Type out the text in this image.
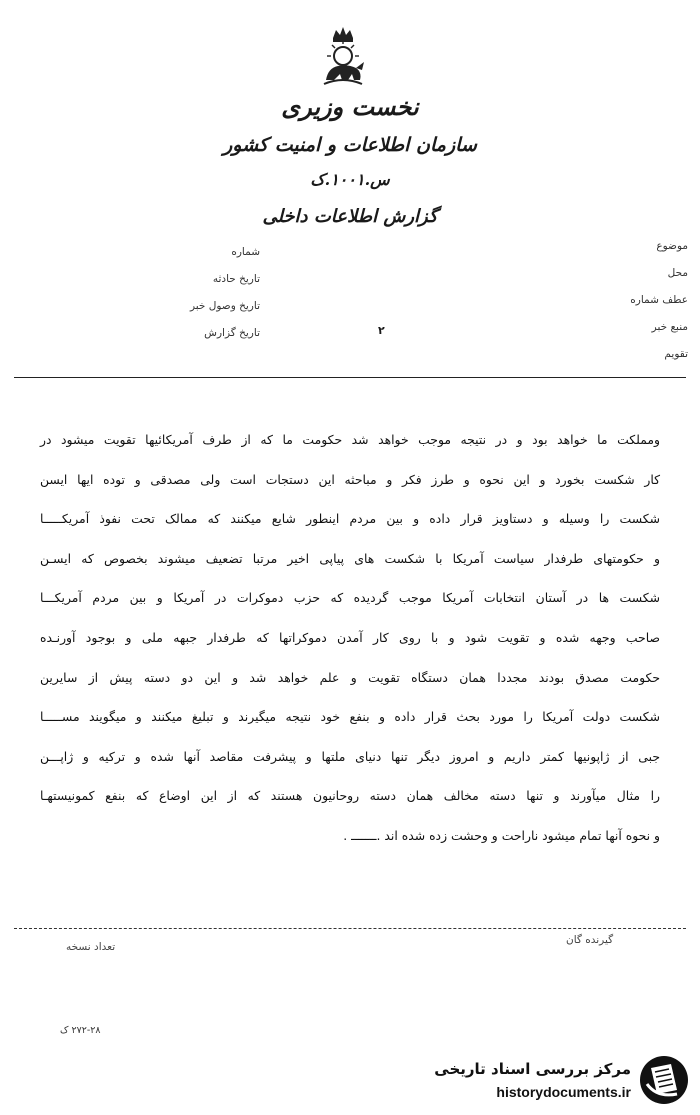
نخست وزیری
سازمان اطلاعات و امنیت کشور
س.۱۰۰۱.ک
گزارش اطلاعات داخلی
موضوع
محل
عطف شماره
منبع خبر
تقویم
شماره
تاریخ حادثه
تاریخ وصول خبر
تاریخ گزارش	۲
ومملکت ما خواهد بود و در نتیجه موجب خواهد شد حکومت ما که از طرف آمریکائیها تقویت میشود در
کار شکست بخورد و این نحوه و طرز فکر و مباحثه این دستجات است ولی مصدقی و توده ایها ایسن
شکست را وسیله و دستاویز قرار داده و بین مردم اینطور شایع میکنند که ممالک تحت نفوذ آمریکـــــا
و حکومتهای طرفدار سیاست آمریکا با شکست های پیاپی اخیر مرتبا تضعیف میشوند بخصوص که ایسـن
شکست ها در آستان انتخابات آمریکا موجب گردیده که حزب دموکرات در آمریکا و بین مردم آمریکـــا
صاحب وجهه شده و تقویت شود و با روی کار آمدن دموکراتها که طرفدار جبهه ملی و بوجود آورنـده
حکومت مصدق بودند مجددا همان دستگاه تقویت و علم خواهد شد و این دو دسته پیش از سایرین
شکست دولت آمریکا را مورد بحث قرار داده و بنفع خود نتیجه میگیرند و تبلیغ میکنند و میگویند مســـــا
جبی از ژاپونیها کمتر داریم و امروز دیگر تنها دنیای ملتها و پیشرفت مقاصد آنها شده و ترکیه و ژاپـــن
را مثال میآورند و تنها دسته مخالف همان دسته روحانیون هستند که از این اوضاع که بنفع کمونیستهـا
و نحوه آنها تمام میشود ناراحت و وحشت زده شده اند .ـــــــ .
گیرنده گان
تعداد نسخه
۲۷۲-۲۸ ک
مرکز بررسی اسناد تاریخی
historydocuments.ir
